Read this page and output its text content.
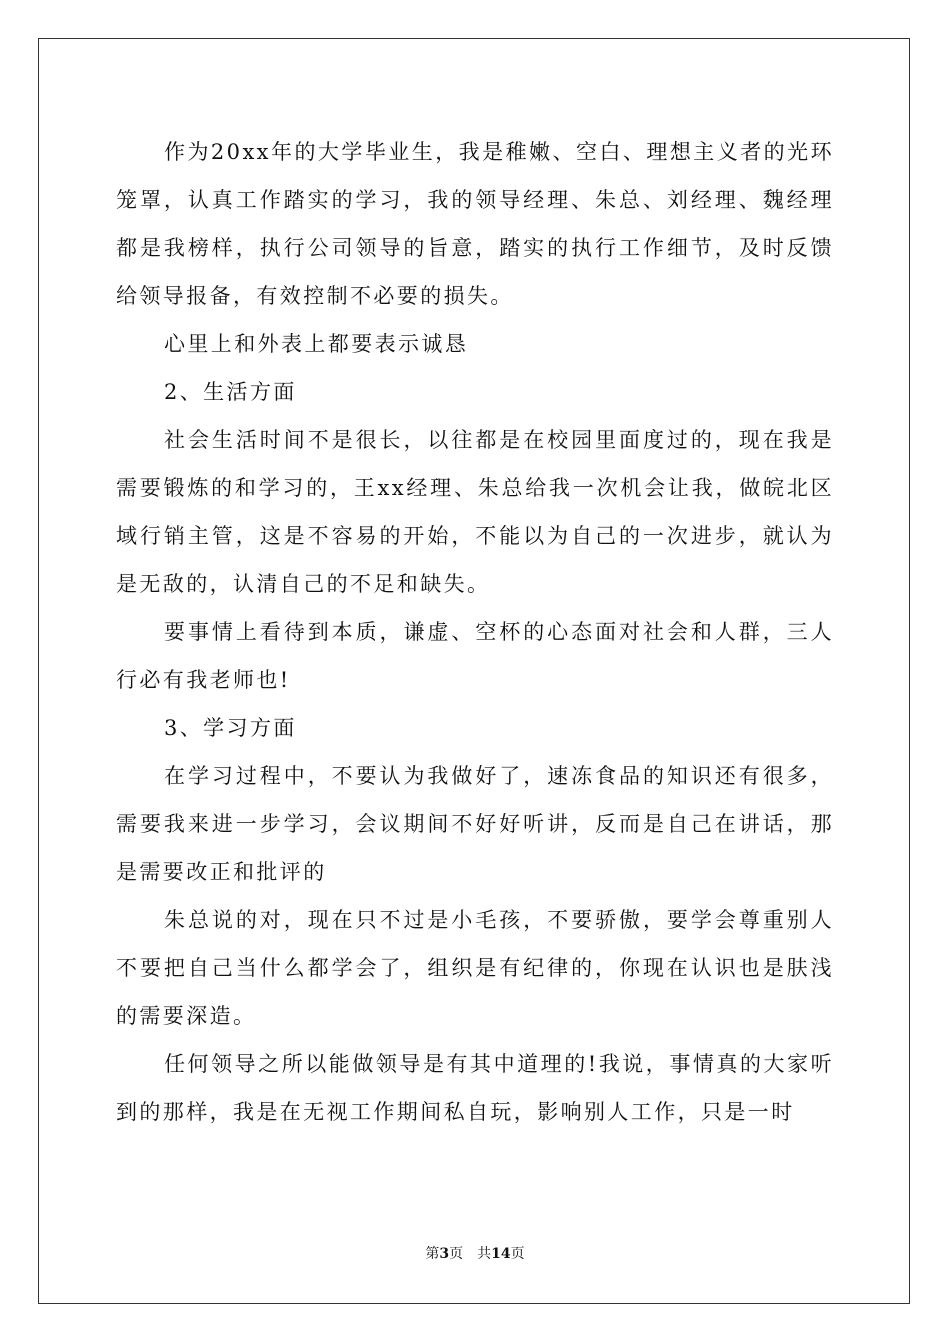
作为20xx年的大学毕业生，我是稚嫩、空白、理想主义者的光环笼罩，认真工作踏实的学习，我的领导经理、朱总、刘经理、魏经理都是我榜样，执行公司领导的旨意，踏实的执行工作细节，及时反馈给领导报备，有效控制不必要的损失。

心里上和外表上都要表示诚恳

2、生活方面

社会生活时间不是很长，以往都是在校园里面度过的，现在我是需要锻炼的和学习的，王xx经理、朱总给我一次机会让我，做皖北区域行销主管，这是不容易的开始，不能以为自己的一次进步，就认为是无敌的，认清自己的不足和缺失。

要事情上看待到本质，谦虚、空杯的心态面对社会和人群，三人行必有我老师也!

3、学习方面

在学习过程中，不要认为我做好了，速冻食品的知识还有很多，需要我来进一步学习，会议期间不好好听讲，反而是自己在讲话，那是需要改正和批评的

朱总说的对，现在只不过是小毛孩，不要骄傲，要学会尊重别人不要把自己当什么都学会了，组织是有纪律的，你现在认识也是肤浅的需要深造。

任何领导之所以能做领导是有其中道理的!我说，事情真的大家听到的那样，我是在无视工作期间私自玩，影响别人工作，只是一时

第3页 共14页
